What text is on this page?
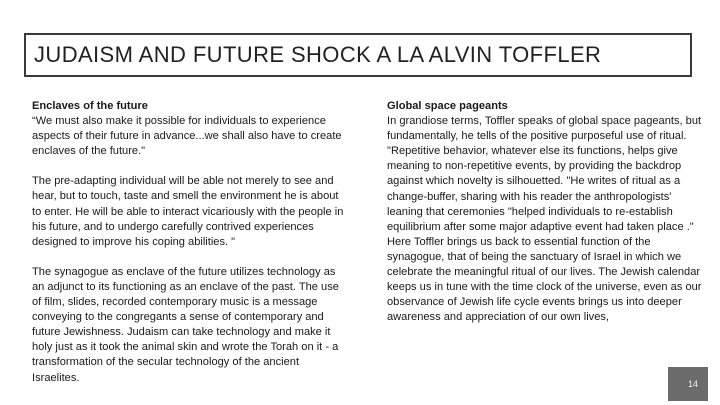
JUDAISM AND FUTURE SHOCK A LA ALVIN TOFFLER
Enclaves of the future
“We must also make it possible for individuals to experience aspects of their future in advance...we shall also have to create enclaves of the future."
The pre-adapting individual will be able not merely to see and hear, but to touch, taste and smell the environment he is about to enter. He will be able to interact vicariously with the people in his future, and to undergo carefully contrived experiences designed to improve his coping abilities. "
The synagogue as enclave of the future utilizes technology as an adjunct to its functioning as an enclave of the past. The use of film, slides, recorded contemporary music is a message conveying to the congregants a sense of contemporary and future Jewishness. Judaism can take technology and make it holy just as it took the animal skin and wrote the Torah on it - a transformation of the secular technology of the ancient Israelites.
Global space pageants
In grandiose terms, Toffler speaks of global space pageants, but fundamentally, he tells of the positive purposeful use of ritual. "Repetitive behavior, whatever else its functions, helps give meaning to non-repetitive events, by providing the backdrop against which novelty is silhouetted. "He writes of ritual as a change-buffer, sharing with his reader the anthropologists' leaning that ceremonies "helped individuals to re-establish equilibrium after some major adaptive event had taken place ."
Here Toffler brings us back to essential function of the synagogue, that of being the sanctuary of Israel in which we celebrate the meaningful ritual of our lives. The Jewish calendar keeps us in tune with the time clock of the universe, even as our observance of Jewish life cycle events brings us into deeper awareness and appreciation of our own lives,
14
